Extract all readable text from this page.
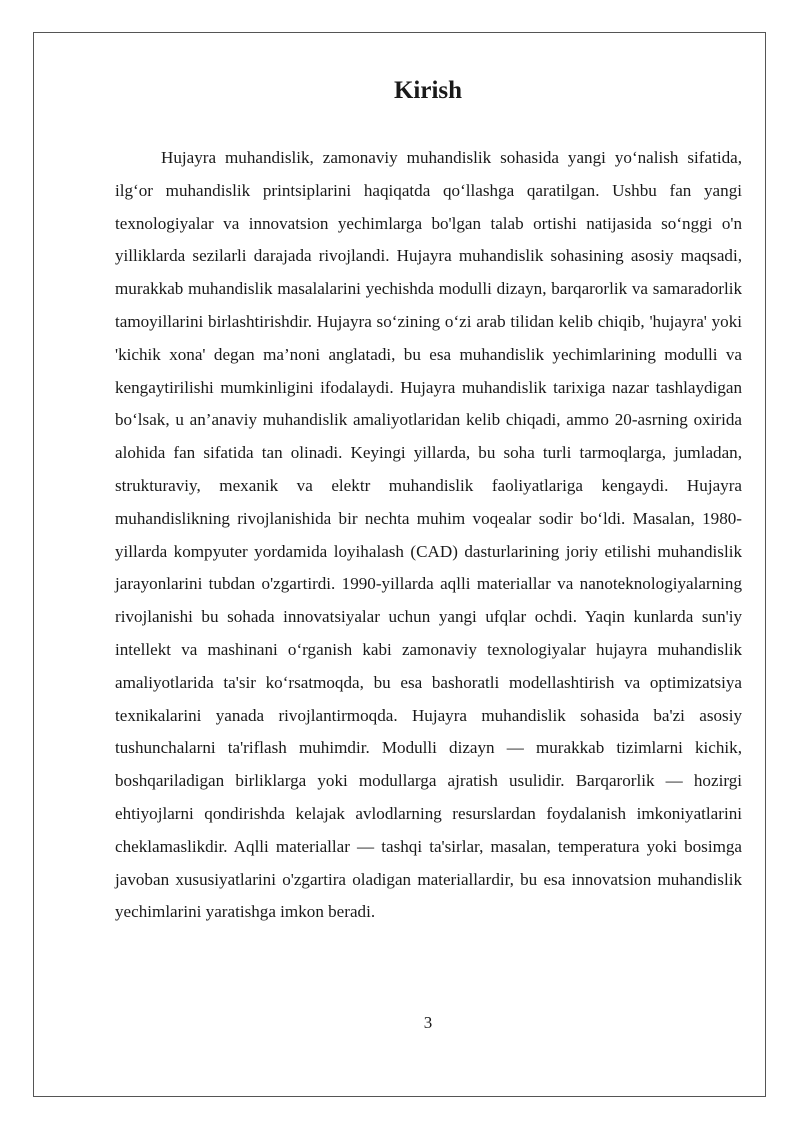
Kirish

Hujayra muhandislik, zamonaviy muhandislik sohasida yangi yo‘nalish sifatida, ilg‘or muhandislik printsiplarini haqiqatda qo‘llashga qaratilgan. Ushbu fan yangi texnologiyalar va innovatsion yechimlarga bo'lgan talab ortishi natijasida so‘nggi o'n yilliklarda sezilarli darajada rivojlandi. Hujayra muhandislik sohasining asosiy maqsadi, murakkab muhandislik masalalarini yechishda modulli dizayn, barqarorlik va samaradorlik tamoyillarini birlashtirishdir. Hujayra so‘zining o‘zi arab tilidan kelib chiqib, 'hujayra' yoki 'kichik xona' degan ma’noni anglatadi, bu esa muhandislik yechimlarining modulli va kengaytirilishi mumkinligini ifodalaydi. Hujayra muhandislik tarixiga nazar tashlaydigan bo‘lsak, u an’anaviy muhandislik amaliyotlaridan kelib chiqadi, ammo 20-asrning oxirida alohida fan sifatida tan olinadi. Keyingi yillarda, bu soha turli tarmoqlarga, jumladan, strukturaviy, mexanik va elektr muhandislik faoliyatlariga kengaydi. Hujayra muhandislikning rivojlanishida bir nechta muhim voqealar sodir bo‘ldi. Masalan, 1980-yillarda kompyuter yordamida loyihalash (CAD) dasturlarining joriy etilishi muhandislik jarayonlarini tubdan o'zgartirdi. 1990-yillarda aqlli materiallar va nanoteknologiyalarning rivojlanishi bu sohada innovatsiyalar uchun yangi ufqlar ochdi. Yaqin kunlarda sun'iy intellekt va mashinani o‘rganish kabi zamonaviy texnologiyalar hujayra muhandislik amaliyotlarida ta'sir ko‘rsatmoqda, bu esa bashoratli modellashtirish va optimizatsiya texnikalarini yanada rivojlantirmoqda. Hujayra muhandislik sohasida ba'zi asosiy tushunchalarni ta'riflash muhimdir. Modulli dizayn — murakkab tizimlarni kichik, boshqariladigan birliklarga yoki modullarga ajratish usulidir. Barqarorlik — hozirgi ehtiyojlarni qondirishda kelajak avlodlarning resurslardan foydalanish imkoniyatlarini cheklamaslikdir. Aqlli materiallar — tashqi ta'sirlar, masalan, temperatura yoki bosimga javoban xususiyatlarini o'zgartira oladigan materiallardir, bu esa innovatsion muhandislik yechimlarini yaratishga imkon beradi.

3
